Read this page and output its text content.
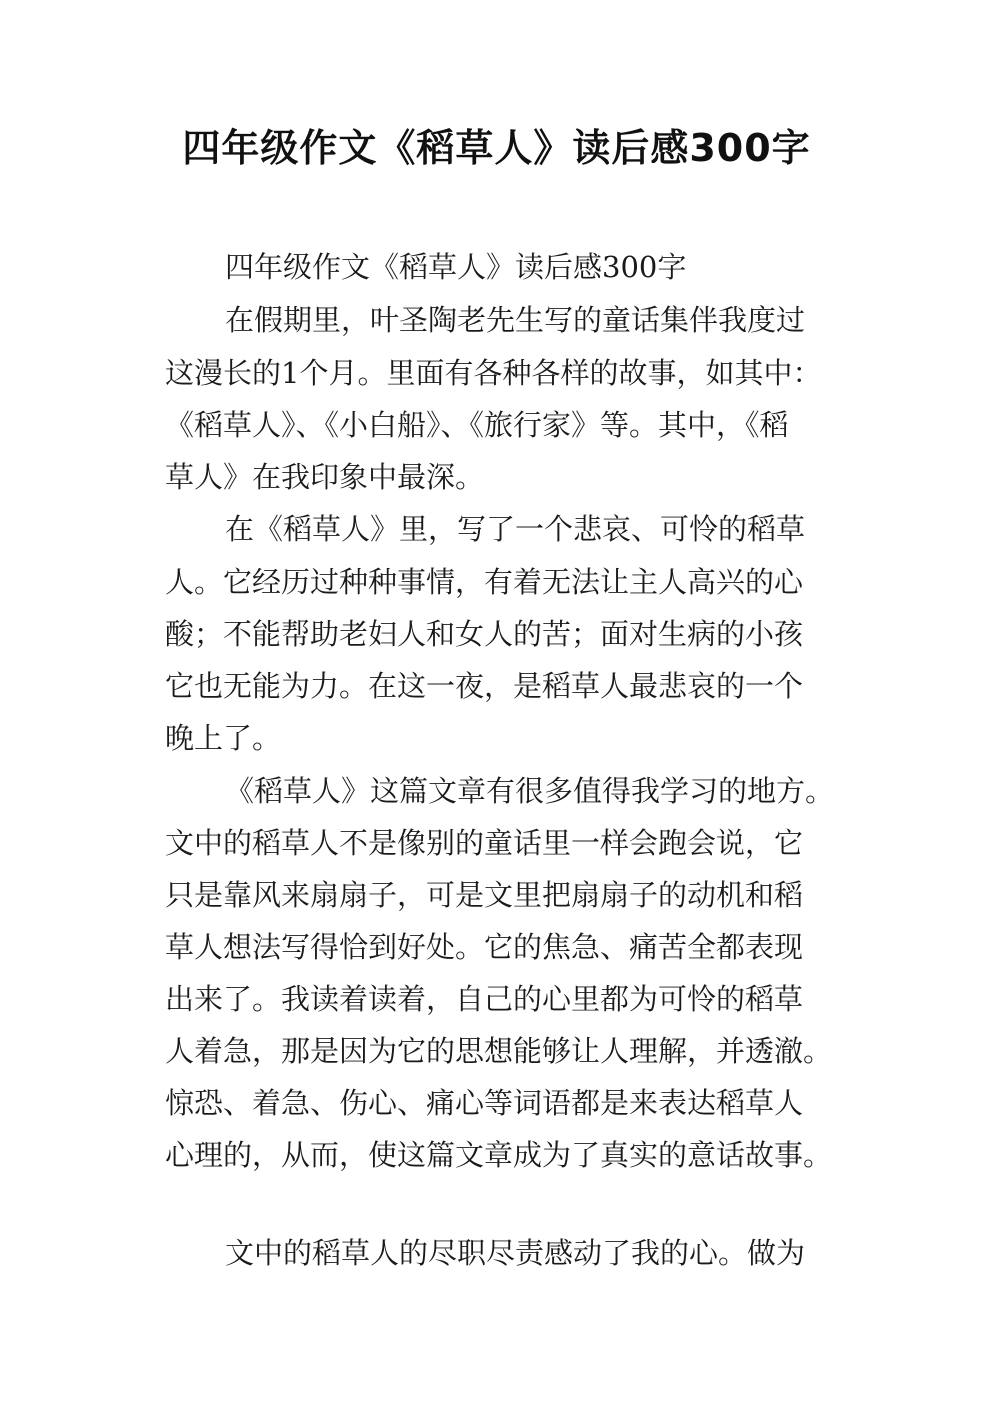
四年级作文《稻草人》读后感300字
四年级作文《稻草人》读后感300字
在假期里，叶圣陶老先生写的童话集伴我度过
这漫长的1个月。里面有各种各样的故事，如其中：
《稻草人》、《小白船》、《旅行家》等。其中，《稻
草人》在我印象中最深。
在《稻草人》里，写了一个悲哀、可怜的稻草
人。它经历过种种事情，有着无法让主人高兴的心
酸；不能帮助老妇人和女人的苦；面对生病的小孩
它也无能为力。在这一夜，是稻草人最悲哀的一个
晚上了。
《稻草人》这篇文章有很多值得我学习的地方。
文中的稻草人不是像别的童话里一样会跑会说，它
只是靠风来扇扇子，可是文里把扇扇子的动机和稻
草人想法写得恰到好处。它的焦急、痛苦全都表现
出来了。我读着读着，自己的心里都为可怜的稻草
人着急，那是因为它的思想能够让人理解，并透澈。
惊恐、着急、伤心、痛心等词语都是来表达稻草人
心理的，从而，使这篇文章成为了真实的意话故事。
文中的稻草人的尽职尽责感动了我的心。做为
